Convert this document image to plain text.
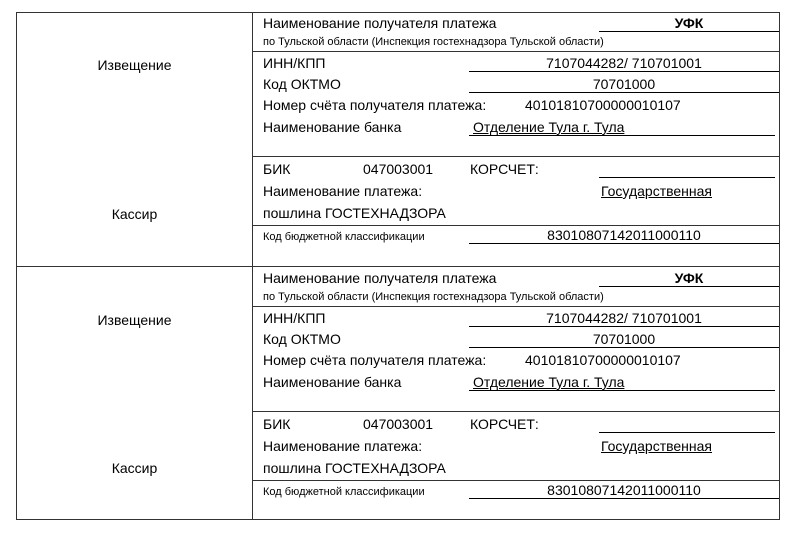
Извещение
Кассир
Наименование получателя платежа	УФК
по Тульской области (Инспекция гостехнадзора Тульской области)
ИНН/КПП	7107044282/ 710701001
Код ОКТМО	70701000
Номер счёта получателя платежа:	40101810700000010107
Наименование банка	Отделение Тула г. Тула
БИК	047003001	КОРСЧЕТ:
Наименование платежа:	Государственная
пошлина ГОСТЕХНАДЗОРА
Код бюджетной классификации	83010807142011000110
Извещение
Кассир
Наименование получателя платежа	УФК
по Тульской области (Инспекция гостехнадзора Тульской области)
ИНН/КПП	7107044282/ 710701001
Код ОКТМО	70701000
Номер счёта получателя платежа:	40101810700000010107
Наименование банка	Отделение Тула г. Тула
БИК	047003001	КОРСЧЕТ:
Наименование платежа:	Государственная
пошлина ГОСТЕХНАДЗОРА
Код бюджетной классификации	83010807142011000110
